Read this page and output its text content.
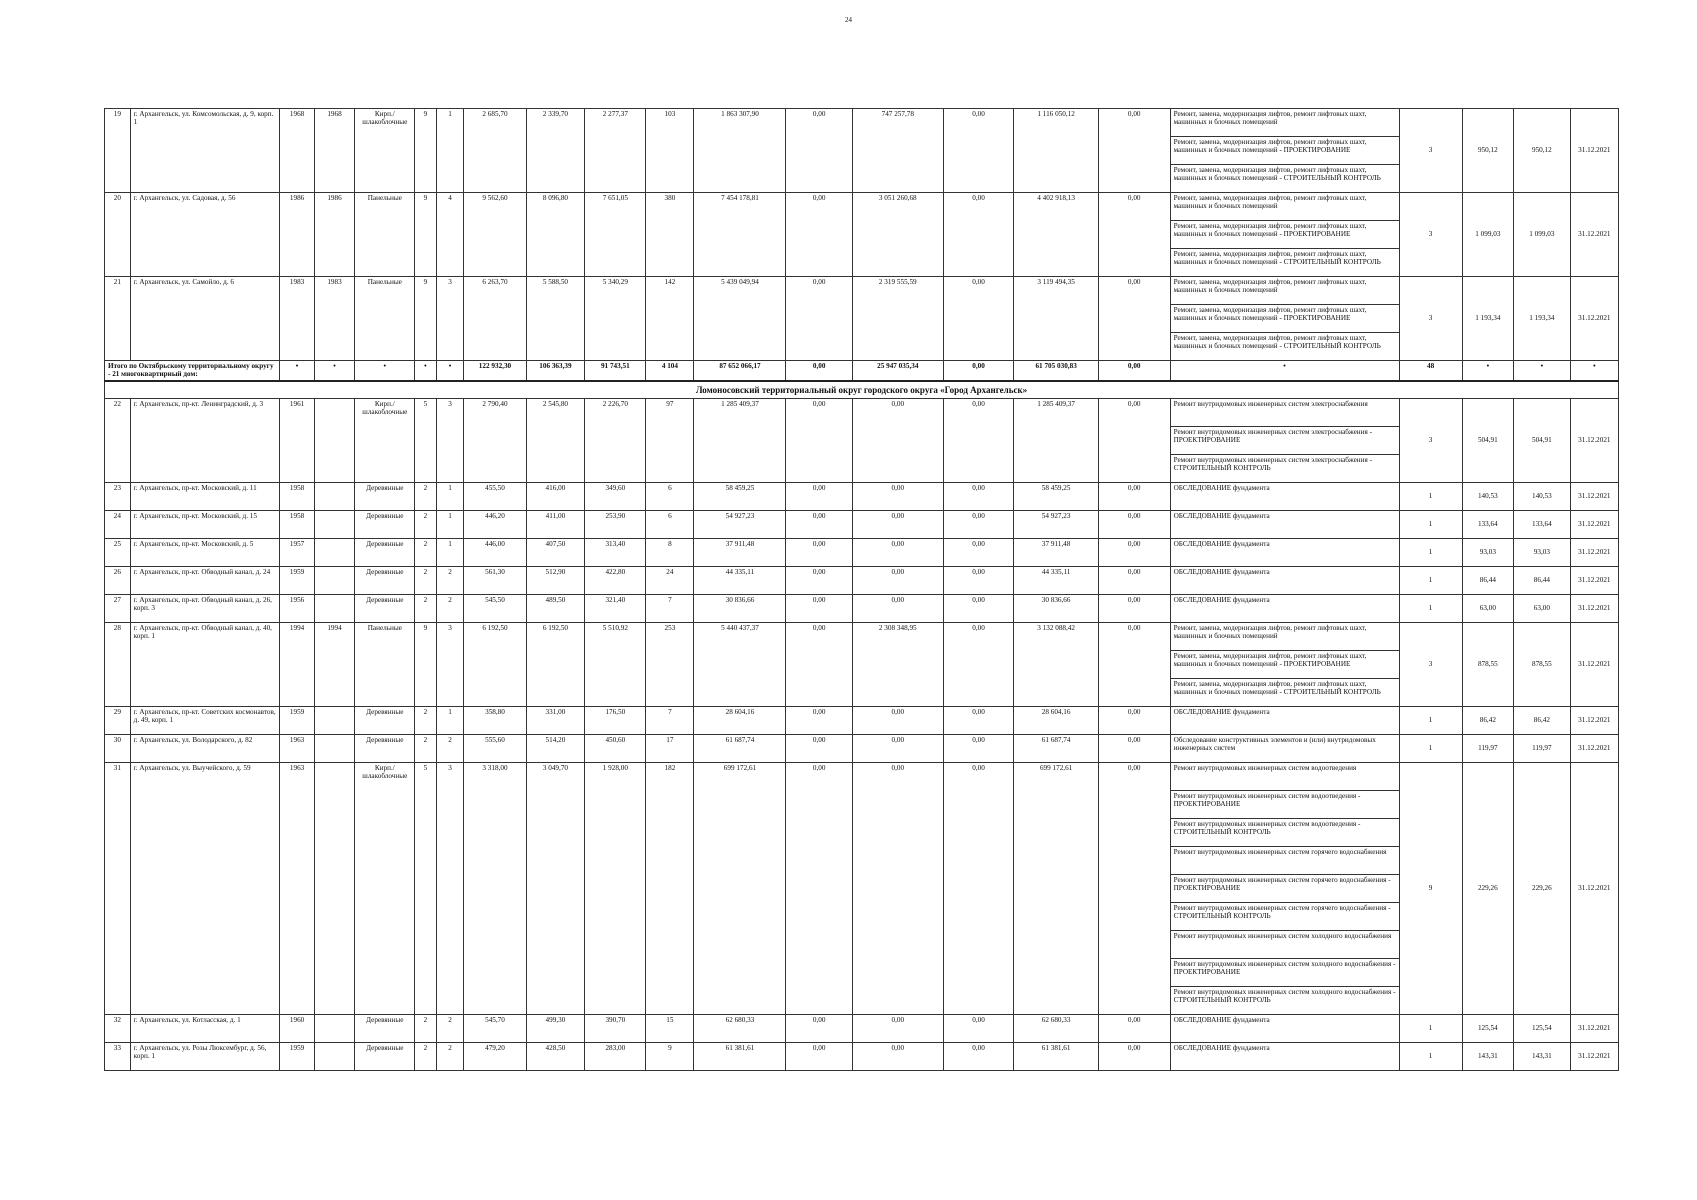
24
19	г. Архангельск, ул. Комсомольская, д. 9, корп. 1	1968	1968	Кирп./ шлакоблочные	9	1	2 685,70	2 339,70	2 277,37	103	1 863 307,90	0,00	747 257,78	0,00	1 116 050,12	0,00	Ремонт, замена, модернизация лифтов, ремонт лифтовых шахт, машинных и блочных помещений	3	950,12	950,12	31.12.2021
																	Ремонт, замена, модернизация лифтов, ремонт лифтовых шахт, машинных и блочных помещений - ПРОЕКТИРОВАНИЕ				
																	Ремонт, замена, модернизация лифтов, ремонт лифтовых шахт, машинных и блочных помещений - СТРОИТЕЛЬНЫЙ КОНТРОЛЬ				
20	г. Архангельск, ул. Садовая, д. 56	1986	1986	Панельные	9	4	9 562,60	8 096,80	7 651,05	380	7 454 178,81	0,00	3 051 260,68	0,00	4 402 918,13	0,00	Ремонт, замена, модернизация лифтов, ремонт лифтовых шахт, машинных и блочных помещений	3	1 099,03	1 099,03	31.12.2021
																	Ремонт, замена, модернизация лифтов, ремонт лифтовых шахт, машинных и блочных помещений - ПРОЕКТИРОВАНИЕ				
																	Ремонт, замена, модернизация лифтов, ремонт лифтовых шахт, машинных и блочных помещений - СТРОИТЕЛЬНЫЙ КОНТРОЛЬ				
21	г. Архангельск, ул. Самойло, д. 6	1983	1983	Панельные	9	3	6 263,70	5 588,50	5 340,29	142	5 439 049,94	0,00	2 319 555,59	0,00	3 119 494,35	0,00	Ремонт, замена, модернизация лифтов, ремонт лифтовых шахт, машинных и блочных помещений	3	1 193,34	1 193,34	31.12.2021
																	Ремонт, замена, модернизация лифтов, ремонт лифтовых шахт, машинных и блочных помещений - ПРОЕКТИРОВАНИЕ				
																	Ремонт, замена, модернизация лифтов, ремонт лифтовых шахт, машинных и блочных помещений - СТРОИТЕЛЬНЫЙ КОНТРОЛЬ				
Итого по Октябрьскому территориальному округу - 21 многоквартирный дом:		•	•	•	•	•	122 932,30	106 363,39	91 743,51	4 104	87 652 066,17	0,00	25 947 035,34	0,00	61 705 030,83	0,00	•	48	•	•	•
Ломоносовский территориальный округ городского округа «Город Архангельск»																					
22	г. Архангельск, пр-кт. Ленинградский, д. 3	1961		Кирп./ шлакоблочные	5	3	2 790,40	2 545,80	2 226,70	97	1 285 409,37	0,00	0,00	0,00	1 285 409,37	0,00	Ремонт внутридомовых инженерных систем электроснабжения	3	504,91	504,91	31.12.2021
																	Ремонт внутридомовых инженерных систем электроснабжения - ПРОЕКТИРОВАНИЕ				
																	Ремонт внутридомовых инженерных систем электроснабжения - СТРОИТЕЛЬНЫЙ КОНТРОЛЬ				
23	г. Архангельск, пр-кт. Московский, д. 11	1958		Деревянные	2	1	455,50	416,00	349,60	6	58 459,25	0,00	0,00	0,00	58 459,25	0,00	ОБСЛЕДОВАНИЕ фундамента	1	140,53	140,53	31.12.2021
24	г. Архангельск, пр-кт. Московский, д. 15	1958		Деревянные	2	1	446,20	411,00	253,90	6	54 927,23	0,00	0,00	0,00	54 927,23	0,00	ОБСЛЕДОВАНИЕ фундамента	1	133,64	133,64	31.12.2021
25	г. Архангельск, пр-кт. Московский, д. 5	1957		Деревянные	2	1	446,00	407,50	313,40	8	37 911,48	0,00	0,00	0,00	37 911,48	0,00	ОБСЛЕДОВАНИЕ фундамента	1	93,03	93,03	31.12.2021
26	г. Архангельск, пр-кт. Обводный канал, д. 24	1959		Деревянные	2	2	561,30	512,90	422,80	24	44 335,11	0,00	0,00	0,00	44 335,11	0,00	ОБСЛЕДОВАНИЕ фундамента	1	86,44	86,44	31.12.2021
27	г. Архангельск, пр-кт. Обводный канал, д. 26, корп. 3	1956		Деревянные	2	2	545,50	489,50	321,40	7	30 836,66	0,00	0,00	0,00	30 836,66	0,00	ОБСЛЕДОВАНИЕ фундамента	1	63,00	63,00	31.12.2021
28	г. Архангельск, пр-кт. Обводный канал, д. 40, корп. 1	1994	1994	Панельные	9	3	6 192,50	6 192,50	5 510,92	253	5 440 437,37	0,00	2 308 348,95	0,00	3 132 088,42	0,00	Ремонт, замена, модернизация лифтов, ремонт лифтовых шахт, машинных и блочных помещений	3	878,55	878,55	31.12.2021
																	Ремонт, замена, модернизация лифтов, ремонт лифтовых шахт, машинных и блочных помещений - ПРОЕКТИРОВАНИЕ				
																	Ремонт, замена, модернизация лифтов, ремонт лифтовых шахт, машинных и блочных помещений - СТРОИТЕЛЬНЫЙ КОНТРОЛЬ				
29	г. Архангельск, пр-кт. Советских космонавтов, д. 49, корп. 1	1959		Деревянные	2	1	358,80	331,00	176,50	7	28 604,16	0,00	0,00	0,00	28 604,16	0,00	ОБСЛЕДОВАНИЕ фундамента	1	86,42	86,42	31.12.2021
30	г. Архангельск, ул. Володарского, д. 82	1963		Деревянные	2	2	555,60	514,20	450,60	17	61 687,74	0,00	0,00	0,00	61 687,74	0,00	Обследование конструктивных элементов и (или) внутридомовых инженерных систем	1	119,97	119,97	31.12.2021
31	г. Архангельск, ул. Выучейского, д. 59	1963		Кирп./ шлакоблочные	5	3	3 318,00	3 049,70	1 928,00	182	699 172,61	0,00	0,00	0,00	699 172,61	0,00	Ремонт внутридомовых инженерных систем водоотведения	9	229,26	229,26	31.12.2021
																	Ремонт внутридомовых инженерных систем водоотведения - ПРОЕКТИРОВАНИЕ				
																	Ремонт внутридомовых инженерных систем водоотведения - СТРОИТЕЛЬНЫЙ КОНТРОЛЬ				
																	Ремонт внутридомовых инженерных систем горячего водоснабжения				
																	Ремонт внутридомовых инженерных систем горячего водоснабжения - ПРОЕКТИРОВАНИЕ				
																	Ремонт внутридомовых инженерных систем горячего водоснабжения - СТРОИТЕЛЬНЫЙ КОНТРОЛЬ				
																	Ремонт внутридомовых инженерных систем холодного водоснабжения				
																	Ремонт внутридомовых инженерных систем холодного водоснабжения - ПРОЕКТИРОВАНИЕ				
																	Ремонт внутридомовых инженерных систем холодного водоснабжения - СТРОИТЕЛЬНЫЙ КОНТРОЛЬ				
32	г. Архангельск, ул. Котласская, д. 1	1960		Деревянные	2	2	545,70	499,30	390,70	15	62 680,33	0,00	0,00	0,00	62 680,33	0,00	ОБСЛЕДОВАНИЕ фундамента	1	125,54	125,54	31.12.2021
33	г. Архангельск, ул. Розы Люксембург, д. 56, корп. 1	1959		Деревянные	2	2	479,20	428,50	283,00	9	61 381,61	0,00	0,00	0,00	61 381,61	0,00	ОБСЛЕДОВАНИЕ фундамента	1	143,31	143,31	31.12.2021
